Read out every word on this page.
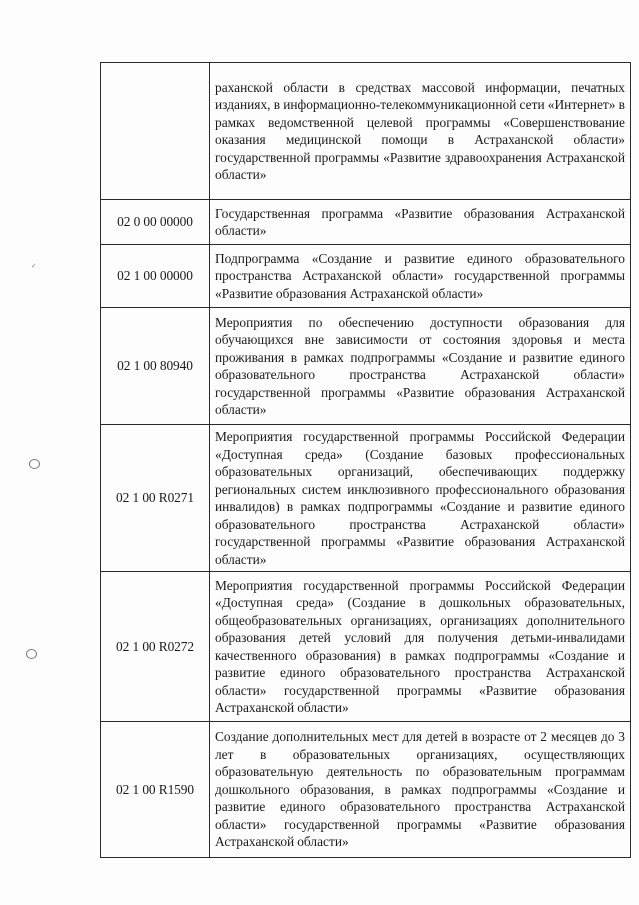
✓
	раханской области в средствах массовой информации, печатных изданиях, в информационно-телекоммуникационной сети «Интернет» в рамках ведомственной целевой программы «Совершенствование оказания медицинской помощи в Астраханской области» государственной программы «Развитие здравоохранения Астраханской области»
02 0 00 00000	Государственная программа «Развитие образования Астраханской области»
02 1 00 00000	Подпрограмма «Создание и развитие единого образовательного пространства Астраханской области» государственной программы «Развитие образования Астраханской области»
02 1 00 80940	Мероприятия по обеспечению доступности образования для обучающихся вне зависимости от состояния здоровья и места проживания в рамках подпрограммы «Создание и развитие единого образовательного пространства Астраханской области» государственной программы «Развитие образования Астраханской области»
02 1 00 R0271	Мероприятия государственной программы Российской Федерации «Доступная среда» (Создание базовых профессиональных образовательных организаций, обеспечивающих поддержку региональных систем инклюзивного профессионального образования инвалидов) в рамках подпрограммы «Создание и развитие единого образовательного пространства Астраханской области» государственной программы «Развитие образования Астраханской области»
02 1 00 R0272	Мероприятия государственной программы Российской Федерации «Доступная среда» (Создание в дошкольных образовательных, общеобразовательных организациях, организациях дополнительного образования детей условий для получения детьми-инвалидами качественного образования) в рамках подпрограммы «Создание и развитие единого образовательного пространства Астраханской области» государственной программы «Развитие образования Астраханской области»
02 1 00 R1590	Создание дополнительных мест для детей в возрасте от 2 месяцев до 3 лет в образовательных организациях, осуществляющих образовательную деятельность по образовательным программам дошкольного образования, в рамках подпрограммы «Создание и развитие единого образовательного пространства Астраханской области» государственной программы «Развитие образования Астраханской области»
